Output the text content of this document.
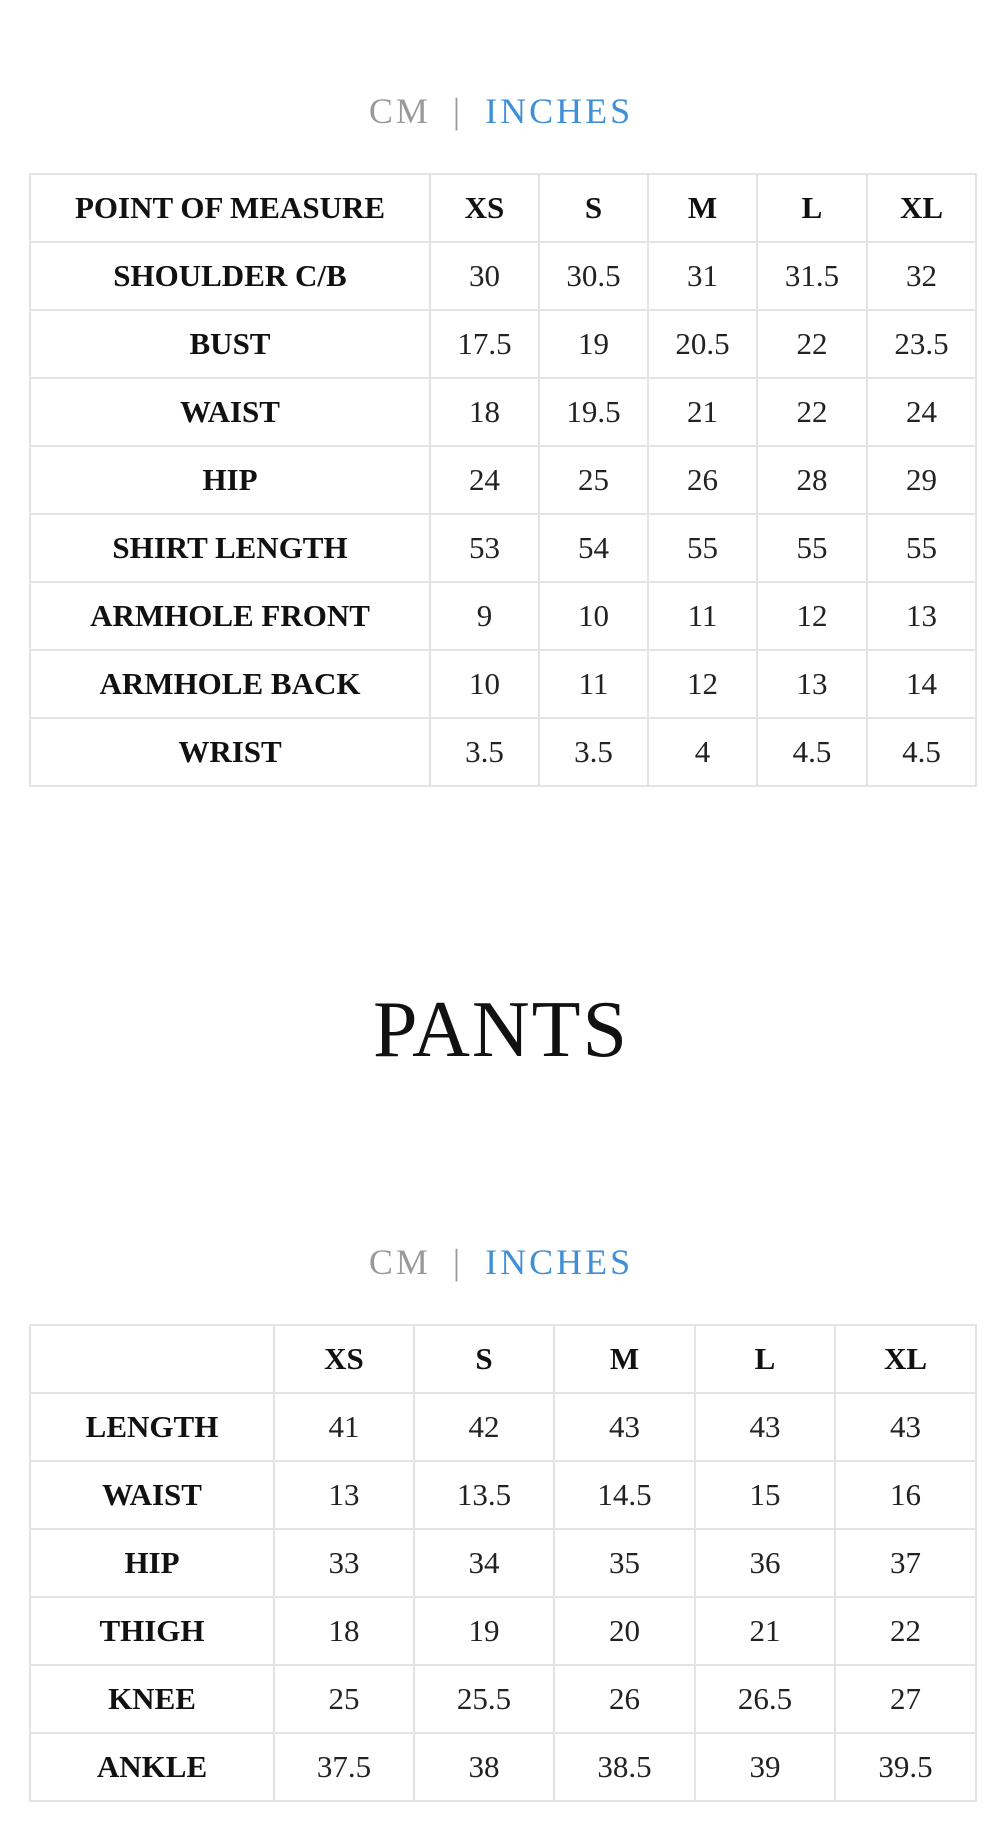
CM | INCHES
POINT OF MEASURE	XS	S	M	L	XL
SHOULDER C/B	30	30.5	31	31.5	32
BUST	17.5	19	20.5	22	23.5
WAIST	18	19.5	21	22	24
HIP	24	25	26	28	29
SHIRT LENGTH	53	54	55	55	55
ARMHOLE FRONT	9	10	11	12	13
ARMHOLE BACK	10	11	12	13	14
WRIST	3.5	3.5	4	4.5	4.5
PANTS
CM | INCHES
	XS	S	M	L	XL
LENGTH	41	42	43	43	43
WAIST	13	13.5	14.5	15	16
HIP	33	34	35	36	37
THIGH	18	19	20	21	22
KNEE	25	25.5	26	26.5	27
ANKLE	37.5	38	38.5	39	39.5
